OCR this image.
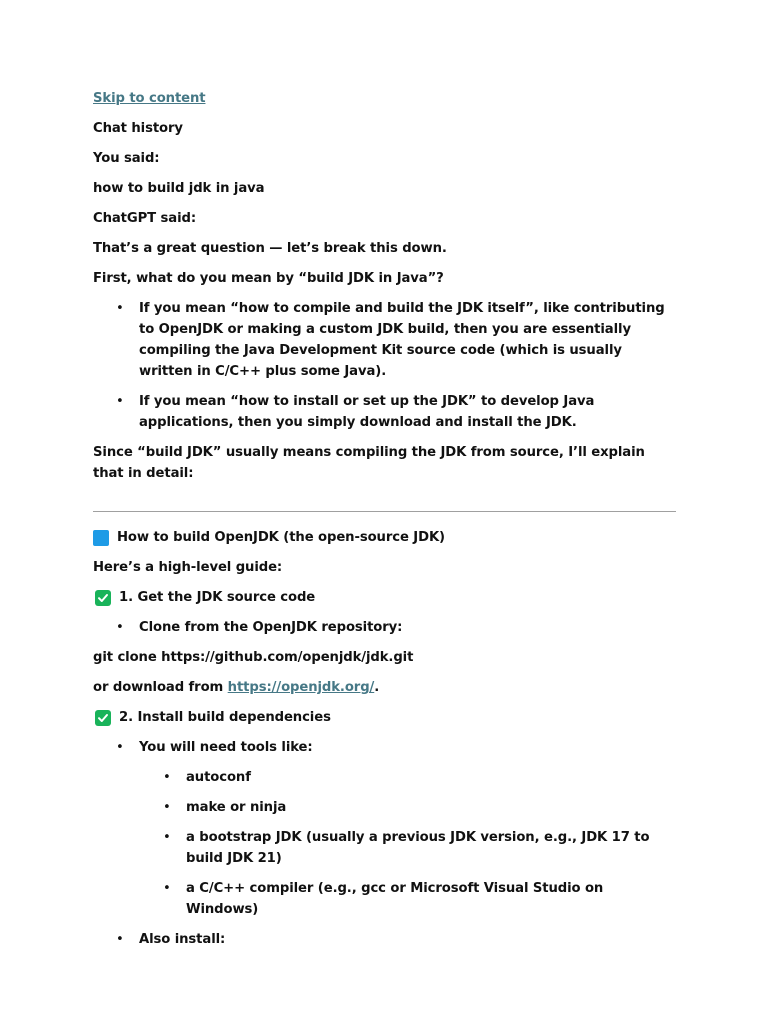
Skip to content
Chat history
You said:
how to build jdk in java
ChatGPT said:
That’s a great question — let’s break this down.
First, what do you mean by “build JDK in Java”?
• If you mean “how to compile and build the JDK itself”, like contributing to OpenJDK or making a custom JDK build, then you are essentially compiling the Java Development Kit source code (which is usually written in C/C++ plus some Java).
• If you mean “how to install or set up the JDK” to develop Java applications, then you simply download and install the JDK.
Since “build JDK” usually means compiling the JDK from source, I’ll explain that in detail:
How to build OpenJDK (the open-source JDK)
Here’s a high-level guide:
1. Get the JDK source code
• Clone from the OpenJDK repository:
git clone https://github.com/openjdk/jdk.git
or download from https://openjdk.org/.
2. Install build dependencies
• You will need tools like:
• autoconf
• make or ninja
• a bootstrap JDK (usually a previous JDK version, e.g., JDK 17 to build JDK 21)
• a C/C++ compiler (e.g., gcc or Microsoft Visual Studio on Windows)
• Also install:
